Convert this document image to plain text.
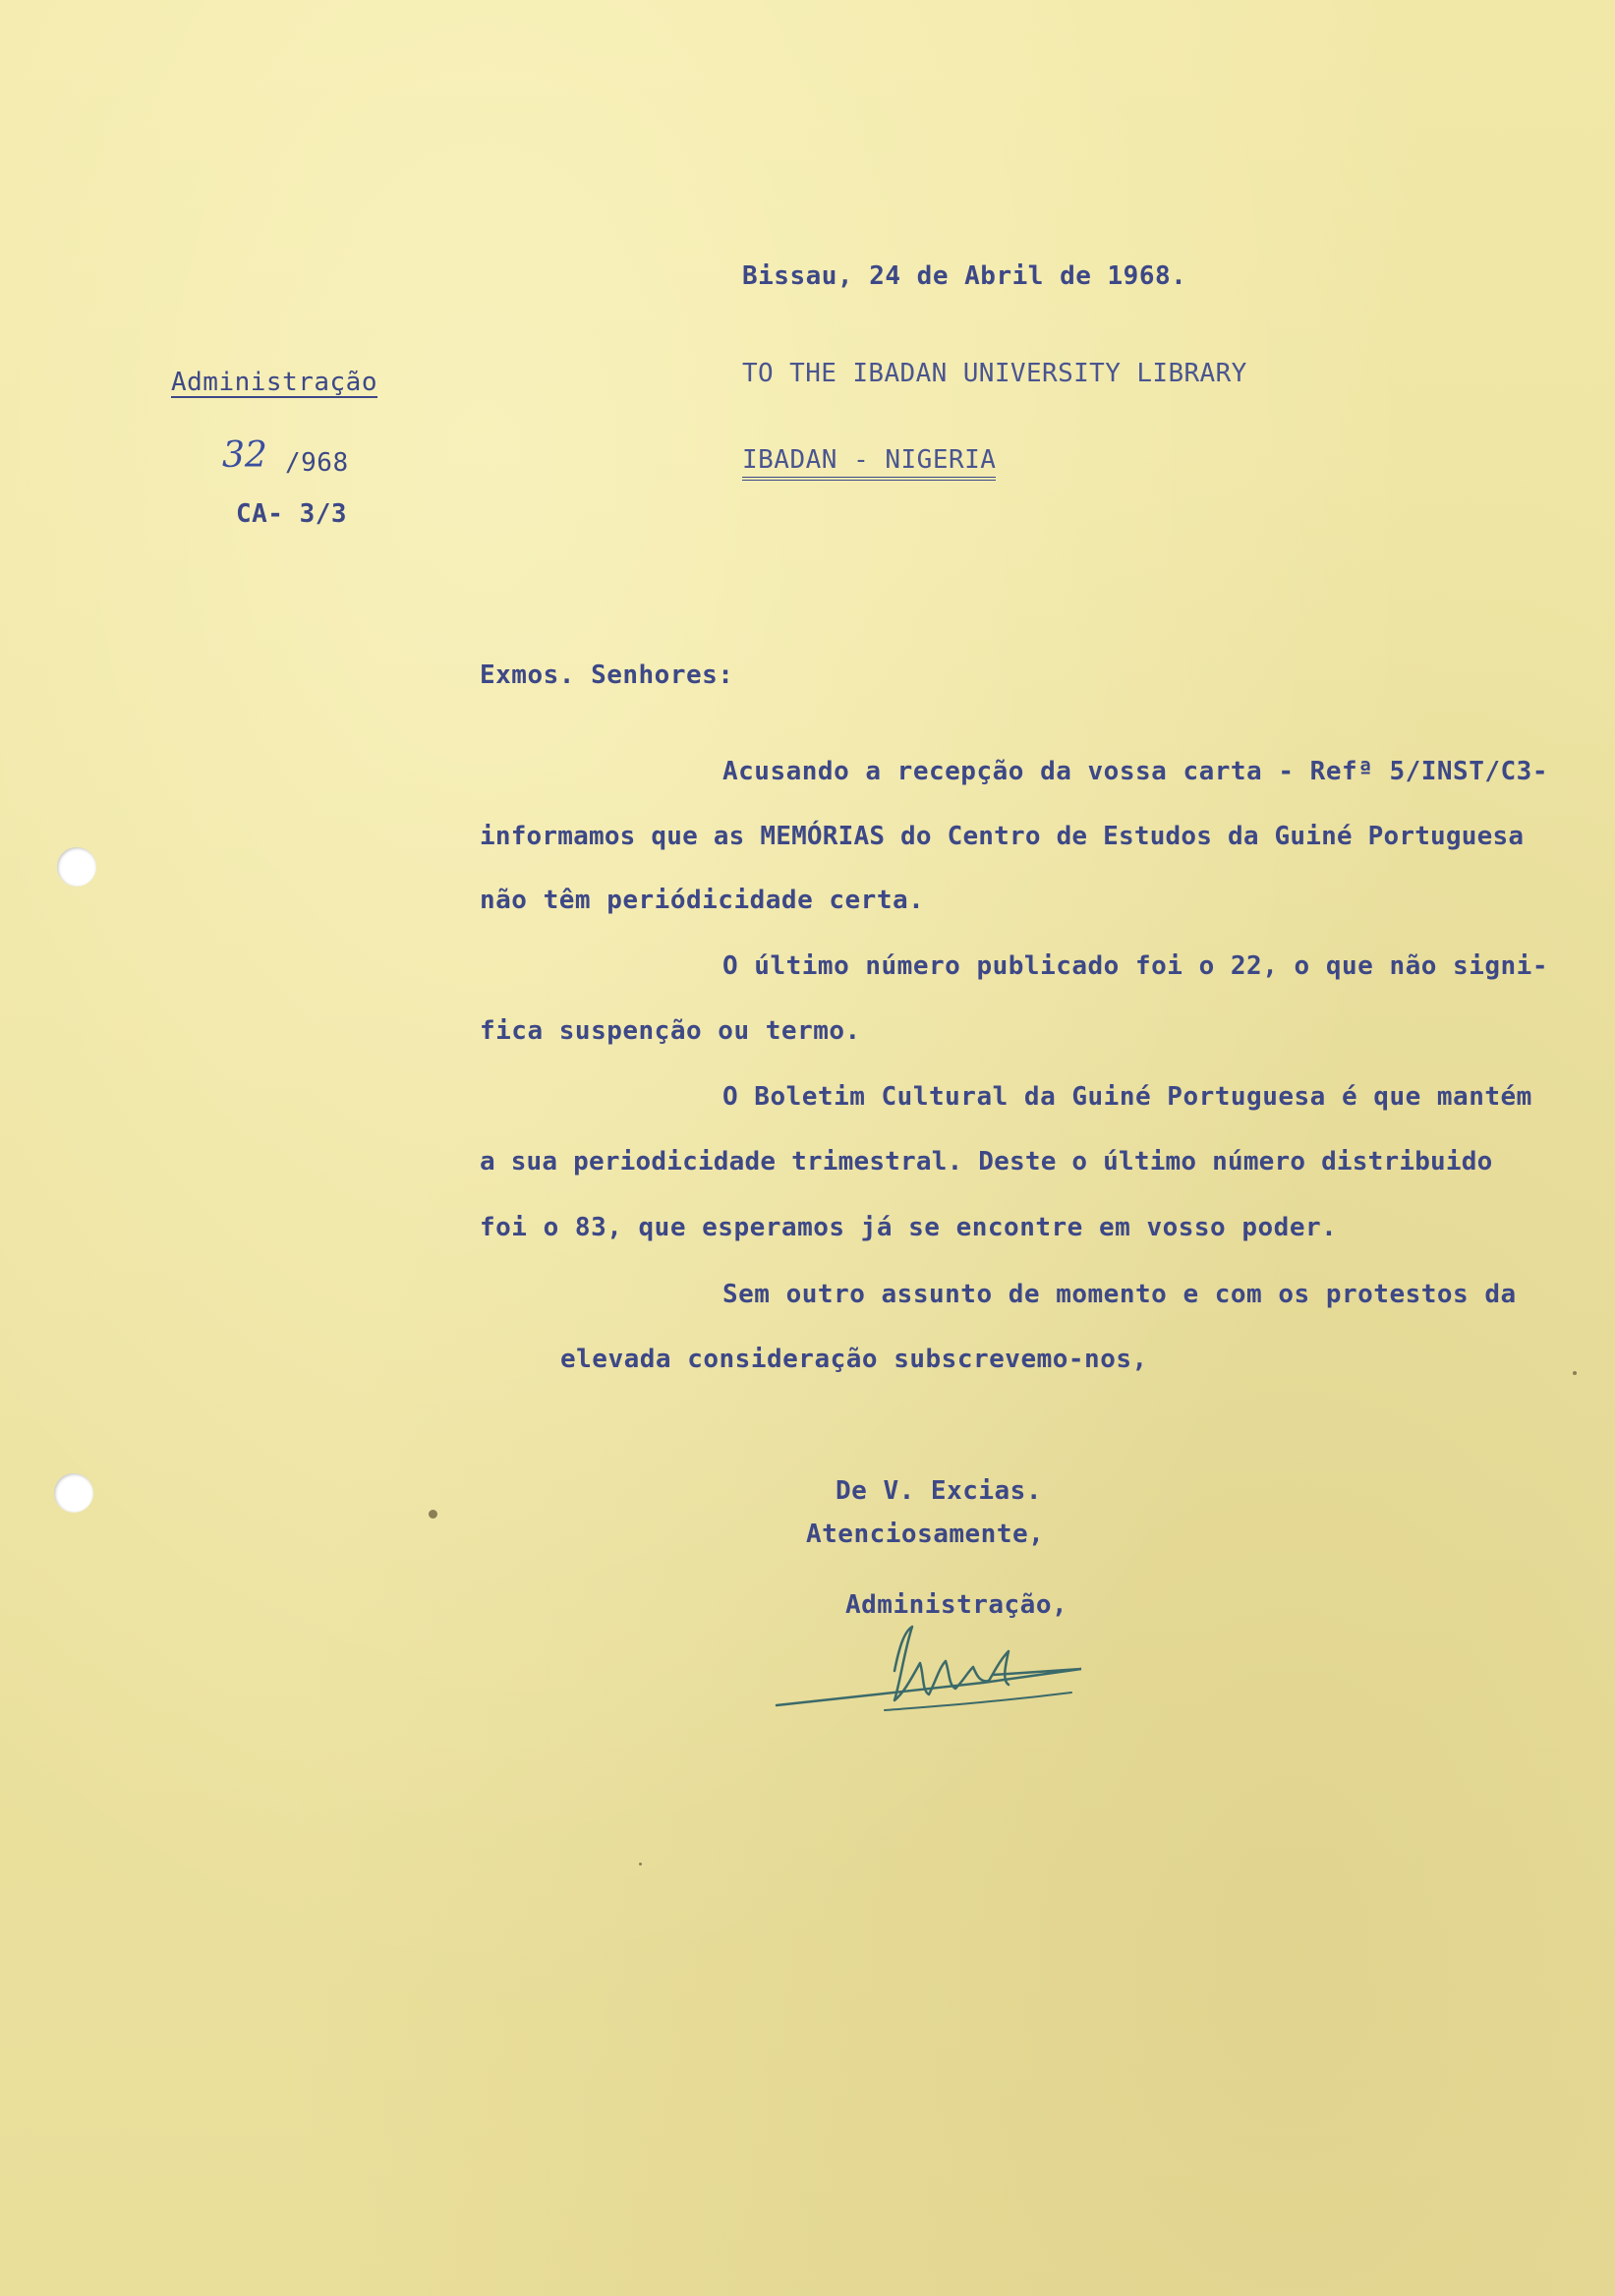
Bissau, 24 de Abril de 1968.
TO THE IBADAN UNIVERSITY LIBRARY
IBADAN - NIGERIA
Administração
32 /968
CA- 3/3
Exmos. Senhores:
Acusando a recepção da vossa carta - Refª 5/INST/C3-
informamos que as MEMÓRIAS do Centro de Estudos da Guiné Portuguesa
não têm periódicidade certa.
O último número publicado foi o 22, o que não signi-
fica suspenção ou termo.
O Boletim Cultural da Guiné Portuguesa é que mantém
a sua periodicidade trimestral. Deste o último número distribuido
foi o 83, que esperamos já se encontre em vosso poder.
Sem outro assunto de momento e com os protestos da
elevada consideração subscrevemo-nos,
De V. Excias.
Atenciosamente,
Administração,
